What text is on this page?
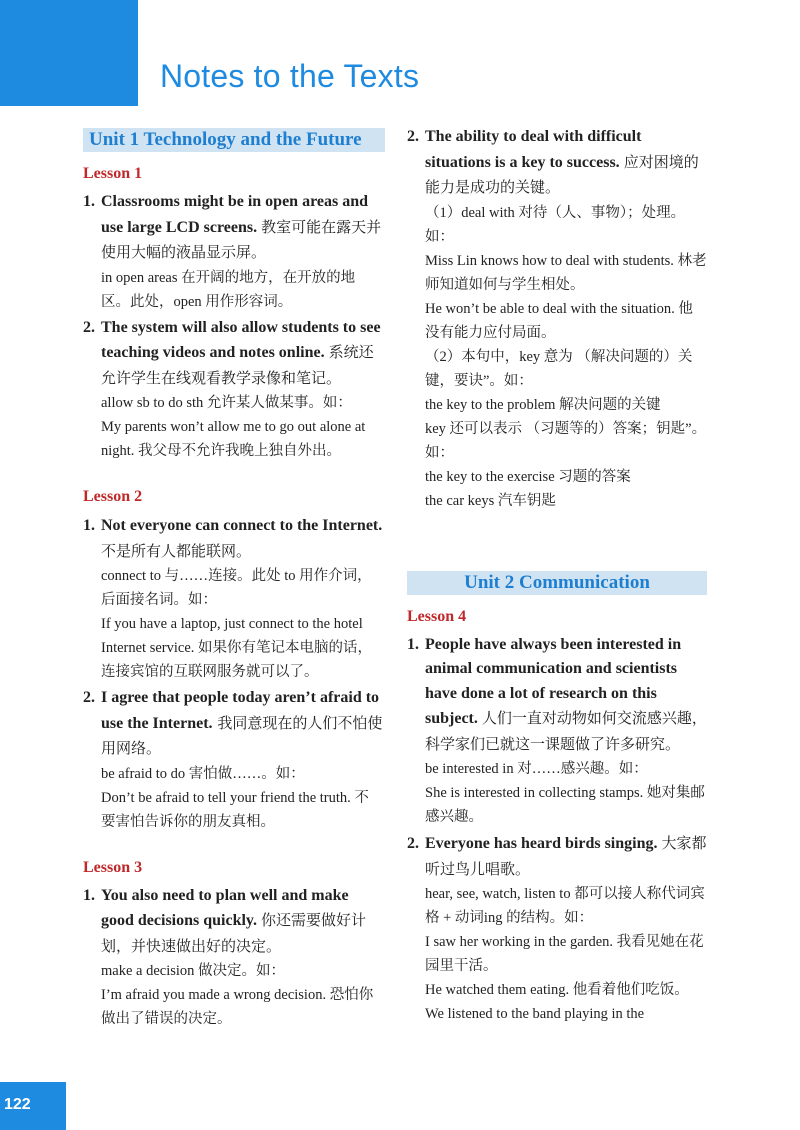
Notes to the Texts
Unit 1 Technology and the Future
Lesson 1
1. Classrooms might be in open areas and use large LCD screens. 教室可能在露天并使用大幅的液晶显示屏。
in open areas 在开阔的地方，在开放的地区。此处，open 用作形容词。
2. The system will also allow students to see teaching videos and notes online. 系统还允许学生在线观看教学录像和笔记。
allow sb to do sth 允许某人做某事。如：
My parents won’t allow me to go out alone at night. 我父母不允许我晚上独自外出。
Lesson 2
1. Not everyone can connect to the Internet. 不是所有人都能联网。
connect to 与……连接。此处 to 用作介词，后面接名词。如：
If you have a laptop, just connect to the hotel Internet service. 如果你有笔记本电脑的话，连接宾馆的互联网服务就可以了。
2. I agree that people today aren’t afraid to use the Internet. 我同意现在的人们不怕使用网络。
be afraid to do 害怕做……。如：
Don’t be afraid to tell your friend the truth. 不要害怕告诉你的朋友真相。
Lesson 3
1. You also need to plan well and make good decisions quickly. 你还需要做好计划，并快速做出好的决定。
make a decision 做决定。如：
I’m afraid you made a wrong decision. 恐怕你做出了错误的决定。
2. The ability to deal with difficult situations is a key to success. 应对困境的能力是成功的关键。
（1）deal with 对待（人、事物）；处理。如：
Miss Lin knows how to deal with students. 林老师知道如何与学生相处。
He won’t be able to deal with the situation. 他没有能力应付局面。
（2）本句中，key 意为 （解决问题的）关键，要诀”。如：
the key to the problem 解决问题的关键
key 还可以表示 （习题等的）答案；钥匙”。如：
the key to the exercise 习题的答案
the car keys 汽车钥匙
Unit 2 Communication
Lesson 4
1. People have always been interested in animal communication and scientists have done a lot of research on this subject. 人们一直对动物如何交流感兴趣，科学家们已就这一课题做了许多研究。
be interested in 对……感兴趣。如：
She is interested in collecting stamps. 她对集邮感兴趣。
2. Everyone has heard birds singing. 大家都听过鸟儿唱歌。
hear, see, watch, listen to 都可以接人称代词宾格 + 动词ing 的结构。如：
I saw her working in the garden. 我看见她在花园里干活。
He watched them eating. 他看着他们吃饭。
We listened to the band playing in the
122
